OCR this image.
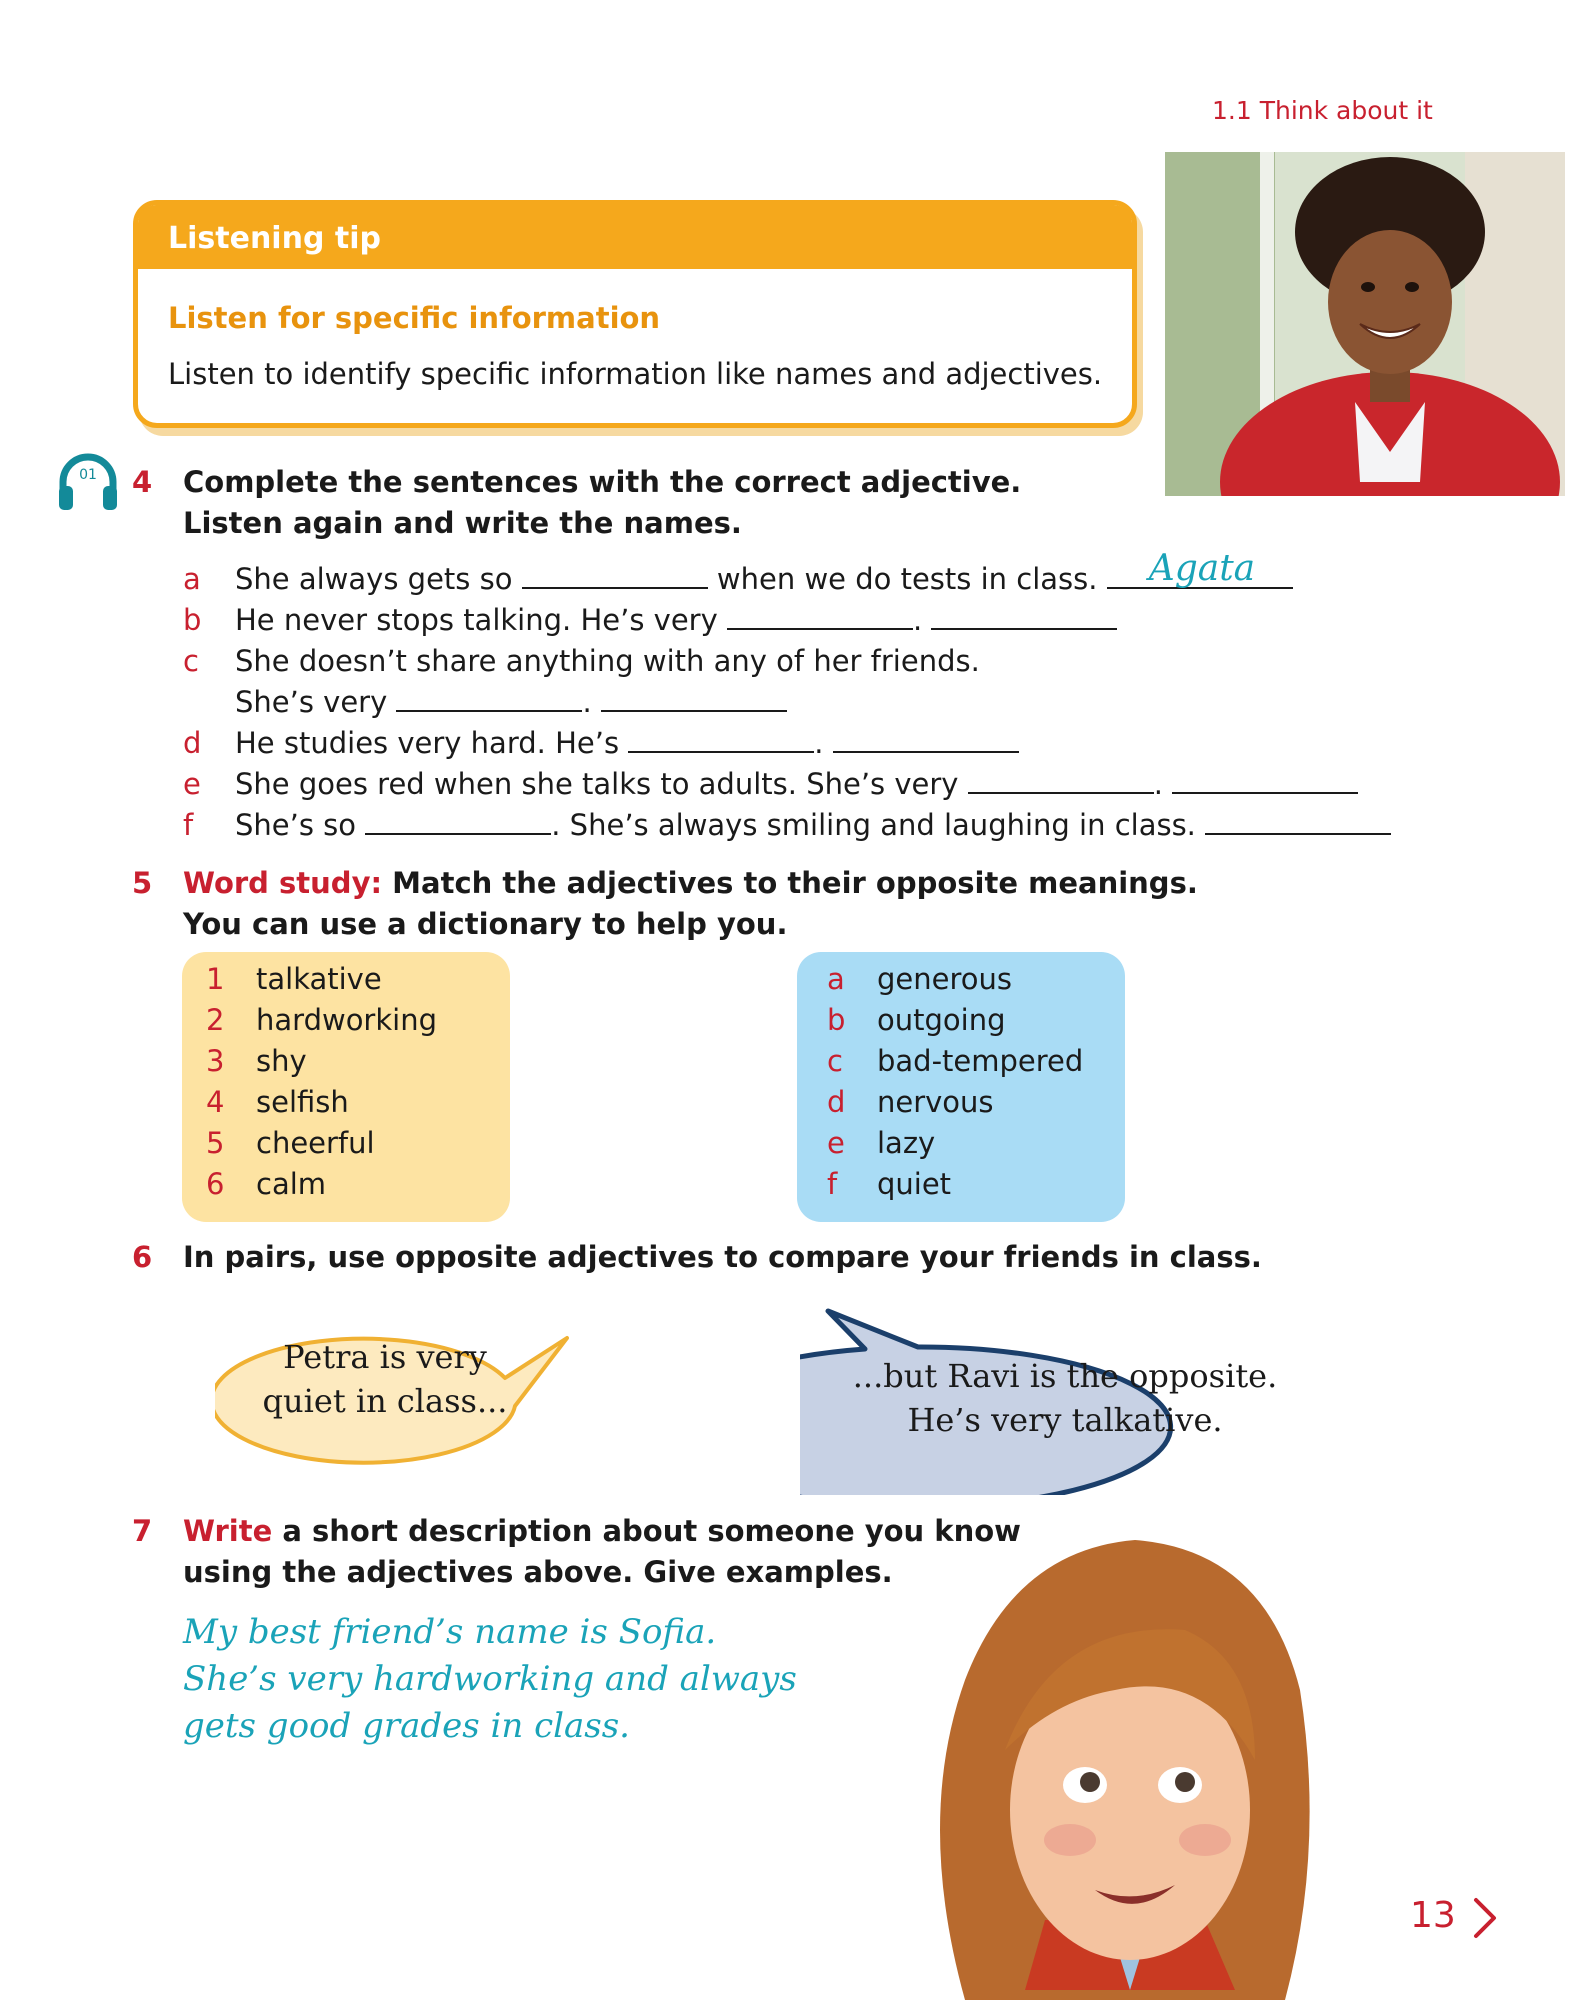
1.1 Think about it
Listening tip
Listen for specific information
Listen to identify specific information like names and adjectives.
01 4 Complete the sentences with the correct adjective.
Listen again and write the names.
a She always gets so	when we do tests in class. Agata
b He never stops talking. He’s very	.
c She doesn’t share anything with any of her friends.
She’s very	.
d He studies very hard. He’s	.
e She goes red when she talks to adults. She’s very	.
f She’s so	. She’s always smiling and laughing in class.
5 Word study: Match the adjectives to their opposite meanings.
You can use a dictionary to help you.
1 talkative
2 hardworking
3 shy
4 selfish
5 cheerful
6 calm
a generous
b outgoing
c bad-tempered
d nervous
e lazy
f quiet
6 In pairs, use opposite adjectives to compare your friends in class.
Petra is very
quiet in class...
...but Ravi is the opposite.
He’s very talkative.
7 Write a short description about someone you know
using the adjectives above. Give examples.
My best friend’s name is Sofia.
She’s very hardworking and always
gets good grades in class.
13
